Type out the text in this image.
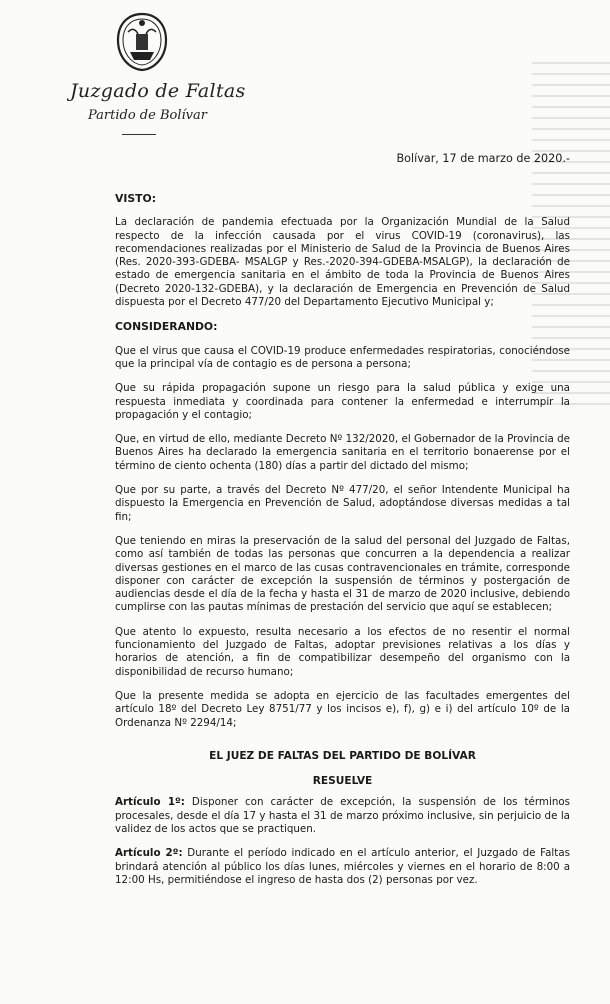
Juzgado de Faltas
Partido de Bolívar
Bolívar, 17 de marzo de 2020.-
VISTO:

La declaración de pandemia efectuada por la Organización Mundial de la Salud respecto de la infección causada por el virus COVID-19 (coronavirus), las recomendaciones realizadas por el Ministerio de Salud de la Provincia de Buenos Aires (Res. 2020-393-GDEBA- MSALGP y Res.-2020-394-GDEBA-MSALGP), la declaración de estado de emergencia sanitaria en el ámbito de toda la Provincia de Buenos Aires (Decreto 2020-132-GDEBA), y la declaración de Emergencia en Prevención de Salud dispuesta por el Decreto 477/20 del Departamento Ejecutivo Municipal y;

CONSIDERANDO:

Que el virus que causa el COVID-19 produce enfermedades respiratorias, conociéndose que la principal vía de contagio es de persona a persona;

Que su rápida propagación supone un riesgo para la salud pública y exige una respuesta inmediata y coordinada para contener la enfermedad e interrumpir la propagación y el contagio;

Que, en virtud de ello, mediante Decreto Nº 132/2020, el Gobernador de la Provincia de Buenos Aires ha declarado la emergencia sanitaria en el territorio bonaerense por el término de ciento ochenta (180) días a partir del dictado del mismo;

Que por su parte, a través del Decreto Nº 477/20, el señor Intendente Municipal ha dispuesto la Emergencia en Prevención de Salud, adoptándose diversas medidas a tal fin;

Que teniendo en miras la preservación de la salud del personal del Juzgado de Faltas, como así también de todas las personas que concurren a la dependencia a realizar diversas gestiones en el marco de las cusas contravencionales en trámite, corresponde disponer con carácter de excepción la suspensión de términos y postergación de audiencias desde el día de la fecha y hasta el 31 de marzo de 2020 inclusive, debiendo cumplirse con las pautas mínimas de prestación del servicio que aquí se establecen;

Que atento lo expuesto, resulta necesario a los efectos de no resentir el normal funcionamiento del Juzgado de Faltas, adoptar previsiones relativas a los días y horarios de atención, a fin de compatibilizar desempeño del organismo con la disponibilidad de recurso humano;

Que la presente medida se adopta en ejercicio de las facultades emergentes del artículo 18º del Decreto Ley 8751/77 y los incisos e), f), g) e i) del artículo 10º de la Ordenanza Nº 2294/14;

EL JUEZ DE FALTAS DEL PARTIDO DE BOLÍVAR

RESUELVE

Artículo 1º: Disponer con carácter de excepción, la suspensión de los términos procesales, desde el día 17 y hasta el 31 de marzo próximo inclusive, sin perjuicio de la validez de los actos que se practiquen.

Artículo 2º: Durante el período indicado en el artículo anterior, el Juzgado de Faltas brindará atención al público los días lunes, miércoles y viernes en el horario de 8:00 a 12:00 Hs, permitiéndose el ingreso de hasta dos (2) personas por vez.
